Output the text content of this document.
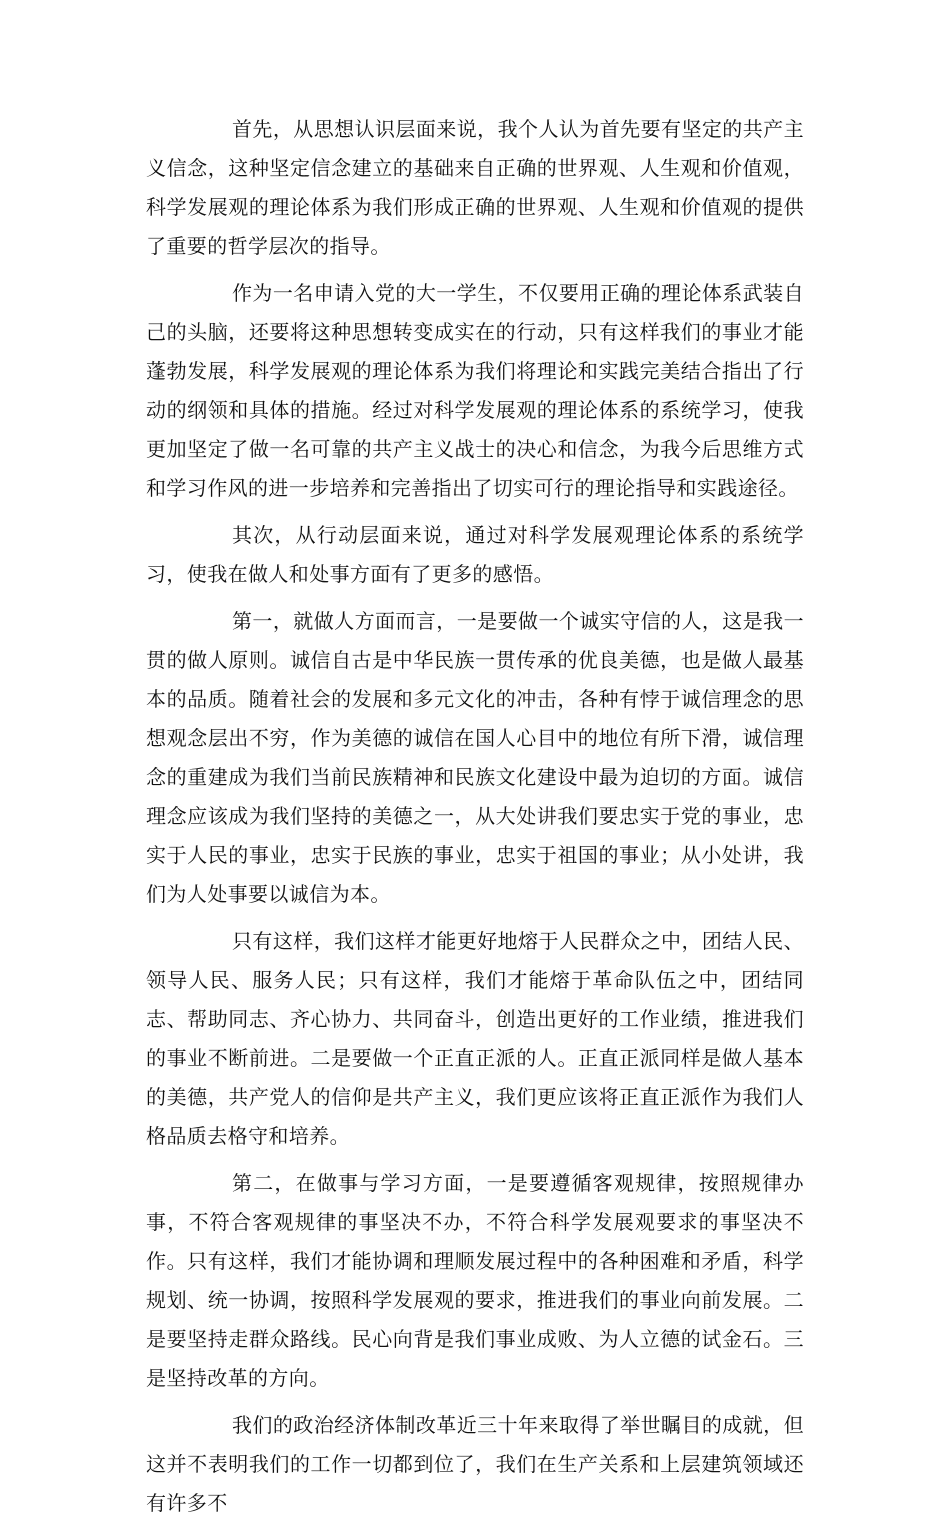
首先，从思想认识层面来说，我个人认为首先要有坚定的共产主义信念，这种坚定信念建立的基础来自正确的世界观、人生观和价值观，科学发展观的理论体系为我们形成正确的世界观、人生观和价值观的提供了重要的哲学层次的指导。

作为一名申请入党的大一学生，不仅要用正确的理论体系武装自己的头脑，还要将这种思想转变成实在的行动，只有这样我们的事业才能蓬勃发展，科学发展观的理论体系为我们将理论和实践完美结合指出了行动的纲领和具体的措施。经过对科学发展观的理论体系的系统学习，使我更加坚定了做一名可靠的共产主义战士的决心和信念，为我今后思维方式和学习作风的进一步培养和完善指出了切实可行的理论指导和实践途径。

其次，从行动层面来说，通过对科学发展观理论体系的系统学习，使我在做人和处事方面有了更多的感悟。

第一，就做人方面而言，一是要做一个诚实守信的人，这是我一贯的做人原则。诚信自古是中华民族一贯传承的优良美德，也是做人最基本的品质。随着社会的发展和多元文化的冲击，各种有悖于诚信理念的思想观念层出不穷，作为美德的诚信在国人心目中的地位有所下滑，诚信理念的重建成为我们当前民族精神和民族文化建设中最为迫切的方面。诚信理念应该成为我们坚持的美德之一，从大处讲我们要忠实于党的事业，忠实于人民的事业，忠实于民族的事业，忠实于祖国的事业；从小处讲，我们为人处事要以诚信为本。

只有这样，我们这样才能更好地熔于人民群众之中，团结人民、领导人民、服务人民；只有这样，我们才能熔于革命队伍之中，团结同志、帮助同志、齐心协力、共同奋斗，创造出更好的工作业绩，推进我们的事业不断前进。二是要做一个正直正派的人。正直正派同样是做人基本的美德，共产党人的信仰是共产主义，我们更应该将正直正派作为我们人格品质去格守和培养。

第二，在做事与学习方面，一是要遵循客观规律，按照规律办事，不符合客观规律的事坚决不办，不符合科学发展观要求的事坚决不作。只有这样，我们才能协调和理顺发展过程中的各种困难和矛盾，科学规划、统一协调，按照科学发展观的要求，推进我们的事业向前发展。二是要坚持走群众路线。民心向背是我们事业成败、为人立德的试金石。三是坚持改革的方向。

我们的政治经济体制改革近三十年来取得了举世瞩目的成就，但这并不表明我们的工作一切都到位了，我们在生产关系和上层建筑领域还有许多不
